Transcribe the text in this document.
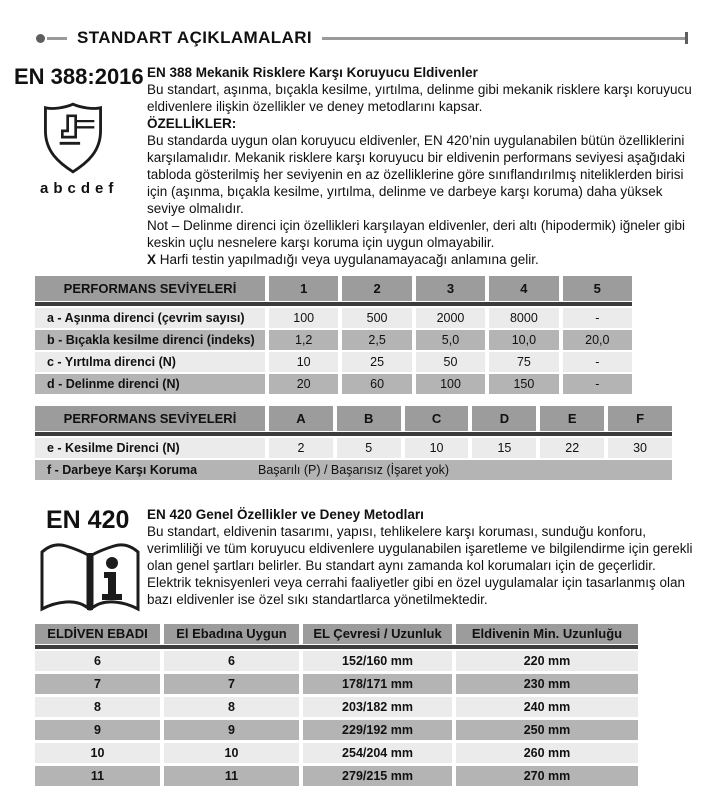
STANDART AÇIKLAMALARI
EN 388:2016
abcdef

EN 388 Mekanik Risklere Karşı Koruyucu Eldivenler

Bu standart, aşınma, bıçakla kesilme, yırtılma, delinme gibi mekanik risklere karşı koruyucu eldivenlere ilişkin özellikler ve deney metodlarını kapsar.

ÖZELLİKLER:

Bu standarda uygun olan koruyucu eldivenler, EN 420’nin uygulanabilen bütün özelliklerini karşılamalıdır. Mekanik risklere karşı koruyucu bir eldivenin performans seviyesi aşağıdaki tabloda gösterilmiş her seviyenin en az özelliklerine göre sınıflandırılmış niteliklerden birisi için (aşınma, bıçakla kesilme, yırtılma, delinme ve darbeye karşı koruma) daha yüksek seviye olmalıdır.

Not – Delinme direnci için özellikleri karşılayan eldivenler, deri altı (hipodermik) iğneler gibi keskin uçlu nesnelere karşı koruma için uygun olmayabilir.

X Harfi testin yapılmadığı veya uygulanamayacağı anlamına gelir.

PERFORMANS SEVİYELERİ	1	2	3	4	5
a - Aşınma direnci (çevrim sayısı)	100	500	2000	8000	-
b - Bıçakla kesilme direnci (indeks)	1,2	2,5	5,0	10,0	20,0
c - Yırtılma direnci (N)	10	25	50	75	-
d - Delinme direnci (N)	20	60	100	150	-
PERFORMANS SEVİYELERİ	A	B	C	D	E	F
e - Kesilme Direnci (N)	2	5	10	15	22	30
f - Darbeye Karşı Koruma	Başarılı (P) / Başarısız (İşaret yok)
EN 420	EN 420 Genel Özellikler ve Deney Metodları

Bu standart, eldivenin tasarımı, yapısı, tehlikelere karşı koruması, sunduğu konforu, verimliliği ve tüm koruyucu eldivenlere uygulanabilen işaretleme ve bilgilendirme için gerekli olan genel şartları belirler. Bu standart aynı zamanda kol korumaları için de geçerlidir. Elektrik teknisyenleri veya cerrahi faaliyetler gibi en özel uygulamalar için tasarlanmış olan bazı eldivenler ise özel sıkı standartlarca yönetilmektedir.

ELDİVEN EBADI	El Ebadına Uygun	EL Çevresi / Uzunluk	Eldivenin Min. Uzunluğu
6	6	152/160 mm	220 mm
7	7	178/171 mm	230 mm
8	8	203/182 mm	240 mm
9	9	229/192 mm	250 mm
10	10	254/204 mm	260 mm
11	11	279/215 mm	270 mm
